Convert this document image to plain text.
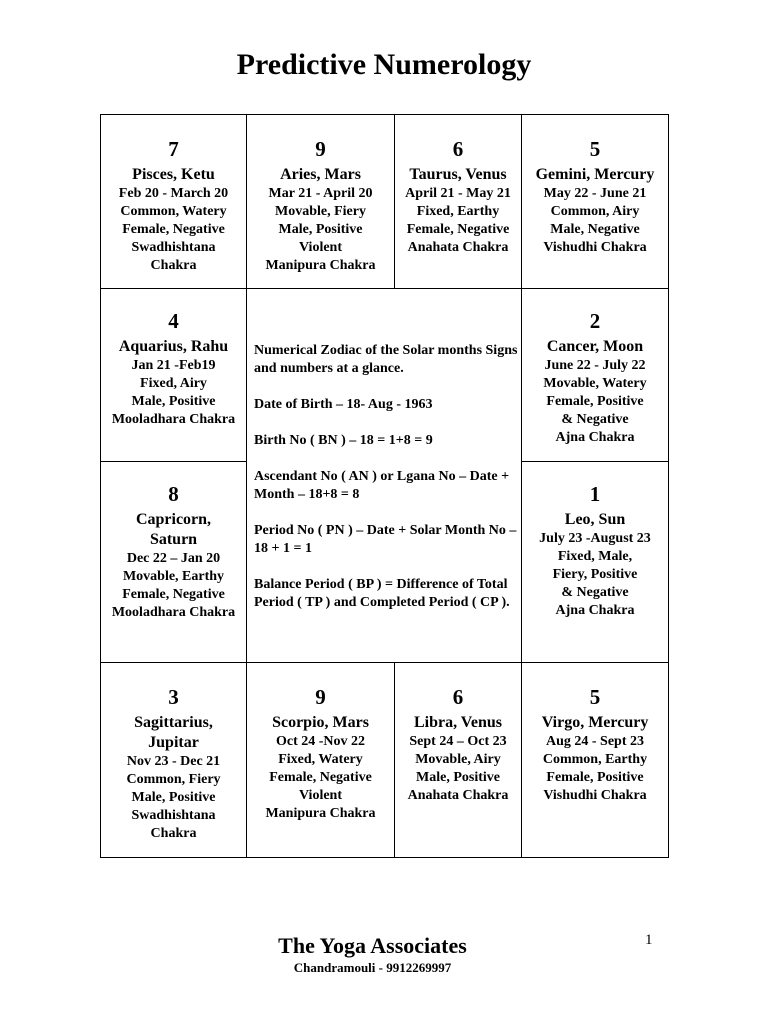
Predictive Numerology
7
Pisces, Ketu
Feb 20 - March 20
Common, Watery
Female, Negative
Swadhishtana
Chakra
9
Aries, Mars
Mar 21 - April 20
Movable, Fiery
Male, Positive
Violent
Manipura Chakra
6
Taurus, Venus
April 21 - May 21
Fixed, Earthy
Female, Negative
Anahata Chakra
5
Gemini, Mercury
May 22 - June 21
Common, Airy
Male, Negative
Vishudhi Chakra
4
Aquarius, Rahu
Jan 21 -Feb19
Fixed, Airy
Male, Positive
Mooladhara Chakra
2
Cancer, Moon
June 22 - July 22
Movable, Watery
Female, Positive
& Negative
Ajna Chakra
8
Capricorn,
Saturn
Dec 22 – Jan 20
Movable, Earthy
Female, Negative
Mooladhara Chakra
1
Leo, Sun
July 23 -August 23
Fixed, Male,
Fiery, Positive
& Negative
Ajna Chakra
3
Sagittarius,
Jupitar
Nov 23 - Dec 21
Common, Fiery
Male, Positive
Swadhishtana
Chakra
9
Scorpio, Mars
Oct 24 -Nov 22
Fixed, Watery
Female, Negative
Violent
Manipura Chakra
6
Libra, Venus
Sept 24 – Oct 23
Movable, Airy
Male, Positive
Anahata Chakra
5
Virgo, Mercury
Aug 24 - Sept 23
Common, Earthy
Female, Positive
Vishudhi Chakra

Numerical Zodiac of the Solar months Signs and numbers at a glance.

Date of Birth – 18- Aug - 1963

Birth No ( BN ) – 18 = 1+8 = 9

Ascendant No ( AN ) or Lgana No – Date + Month – 18+8 = 8

Period No ( PN ) – Date + Solar Month No – 18 + 1 = 1

Balance Period ( BP ) = Difference of Total Period ( TP ) and Completed Period ( CP ).

The Yoga Associates
Chandramouli - 9912269997
1
